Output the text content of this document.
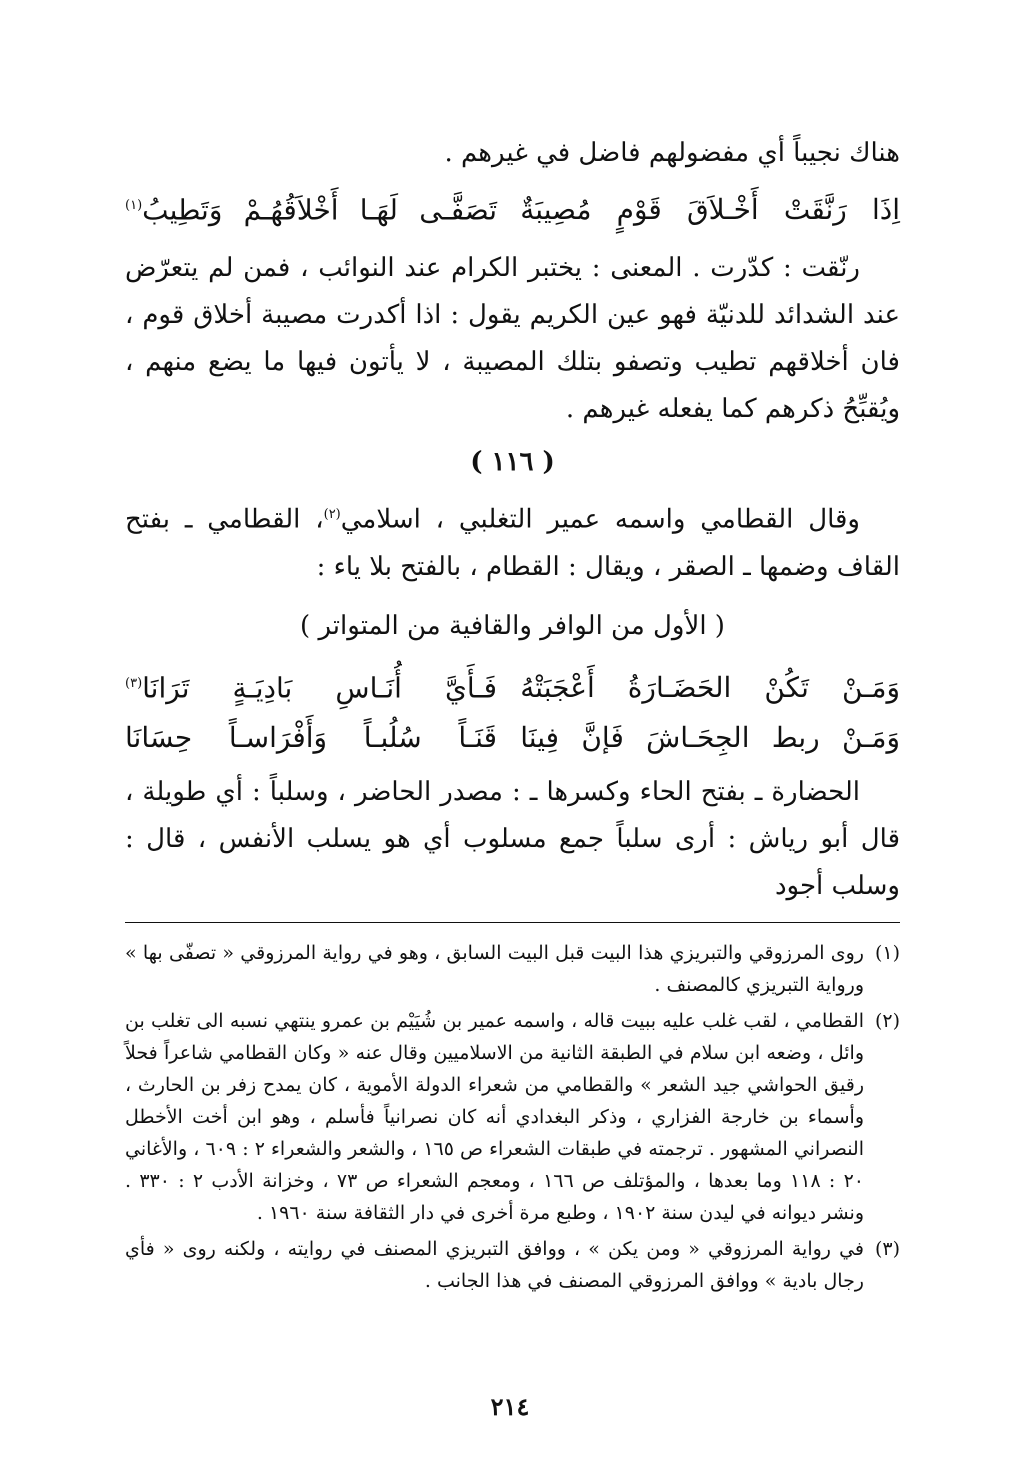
هناك نجيباً أي مفضولهم فاضل في غيرهم .

اِذَا رَنَّقَتْ أَخْـلاَقَ قَوْمٍ مُصِيبَةٌ
تَصَفَّـى لَهَـا أَخْلاَقُهُـمْ وَتَطِيبُ$^{(١)}$

رنّقت : كدّرت . المعنى : يختبر الكرام عند النوائب ، فمن لم يتعرّض عند الشدائد للدنيّة فهو عين الكريم يقول : اذا أكدرت مصيبة أخلاق قوم ، فان أخلاقهم تطيب وتصفو بتلك المصيبة ، لا يأتون فيها ما يضع منهم ، ويُقبِّحُ ذكرهم كما يفعله غيرهم .

( ١١٦ )

وقال القطامي واسمه عمير التغلبي ، اسلامي$^{(٢)}$، القطامي ـ بفتح القاف وضمها ـ الصقر ، ويقال : القطام ، بالفتح بلا ياء :

( الأول من الوافر والقافية من المتواتر )

وَمَـنْ تَكُنْ الحَضَـارَةُ أَعْجَبَتْهُ
فَـأَيَّ أُنَـاسِ بَادِيَـةٍ تَرَانَا$^{(٣)}$

وَمَـنْ ربط الجِحَـاشَ فَإنَّ فِينَا
قَنَـاً سُلُبـاً وَأَفْرَاسـاً حِسَانَا

الحضارة ـ بفتح الحاء وكسرها ـ : مصدر الحاضر ، وسلباً : أي طويلة ، قال أبو رياش : أرى سلباً جمع مسلوب أي هو يسلب الأنفس ، قال : وسلب أجود

(١)
روى المرزوقي والتبريزي هذا البيت قبل البيت السابق ، وهو في رواية المرزوقي « تصفّى بها » ورواية التبريزي كالمصنف .
(٢)
القطامي ، لقب غلب عليه ببيت قاله ، واسمه عمير بن شُيَيْم بن عمرو ينتهي نسبه الى تغلب بن وائل ، وضعه ابن سلام في الطبقة الثانية من الاسلاميين وقال عنه « وكان القطامي شاعراً فحلاً رقيق الحواشي جيد الشعر » والقطامي من شعراء الدولة الأموية ، كان يمدح زفر بن الحارث ، وأسماء بن خارجة الفزاري ، وذكر البغدادي أنه كان نصرانياً فأسلم ، وهو ابن أخت الأخطل النصراني المشهور . ترجمته في طبقات الشعراء ص ١٦٥ ، والشعر والشعراء ٢ : ٦٠٩ ، والأغاني ٢٠ : ١١٨ وما بعدها ، والمؤتلف ص ١٦٦ ، ومعجم الشعراء ص ٧٣ ، وخزانة الأدب ٢ : ٣٣٠ . ونشر ديوانه في ليدن سنة ١٩٠٢ ، وطبع مرة أخرى في دار الثقافة سنة ١٩٦٠ .
(٣)
في رواية المرزوقي « ومن يكن » ، ووافق التبريزي المصنف في روايته ، ولكنه روى « فأي رجال بادية » ووافق المرزوقي المصنف في هذا الجانب .
٢١٤
